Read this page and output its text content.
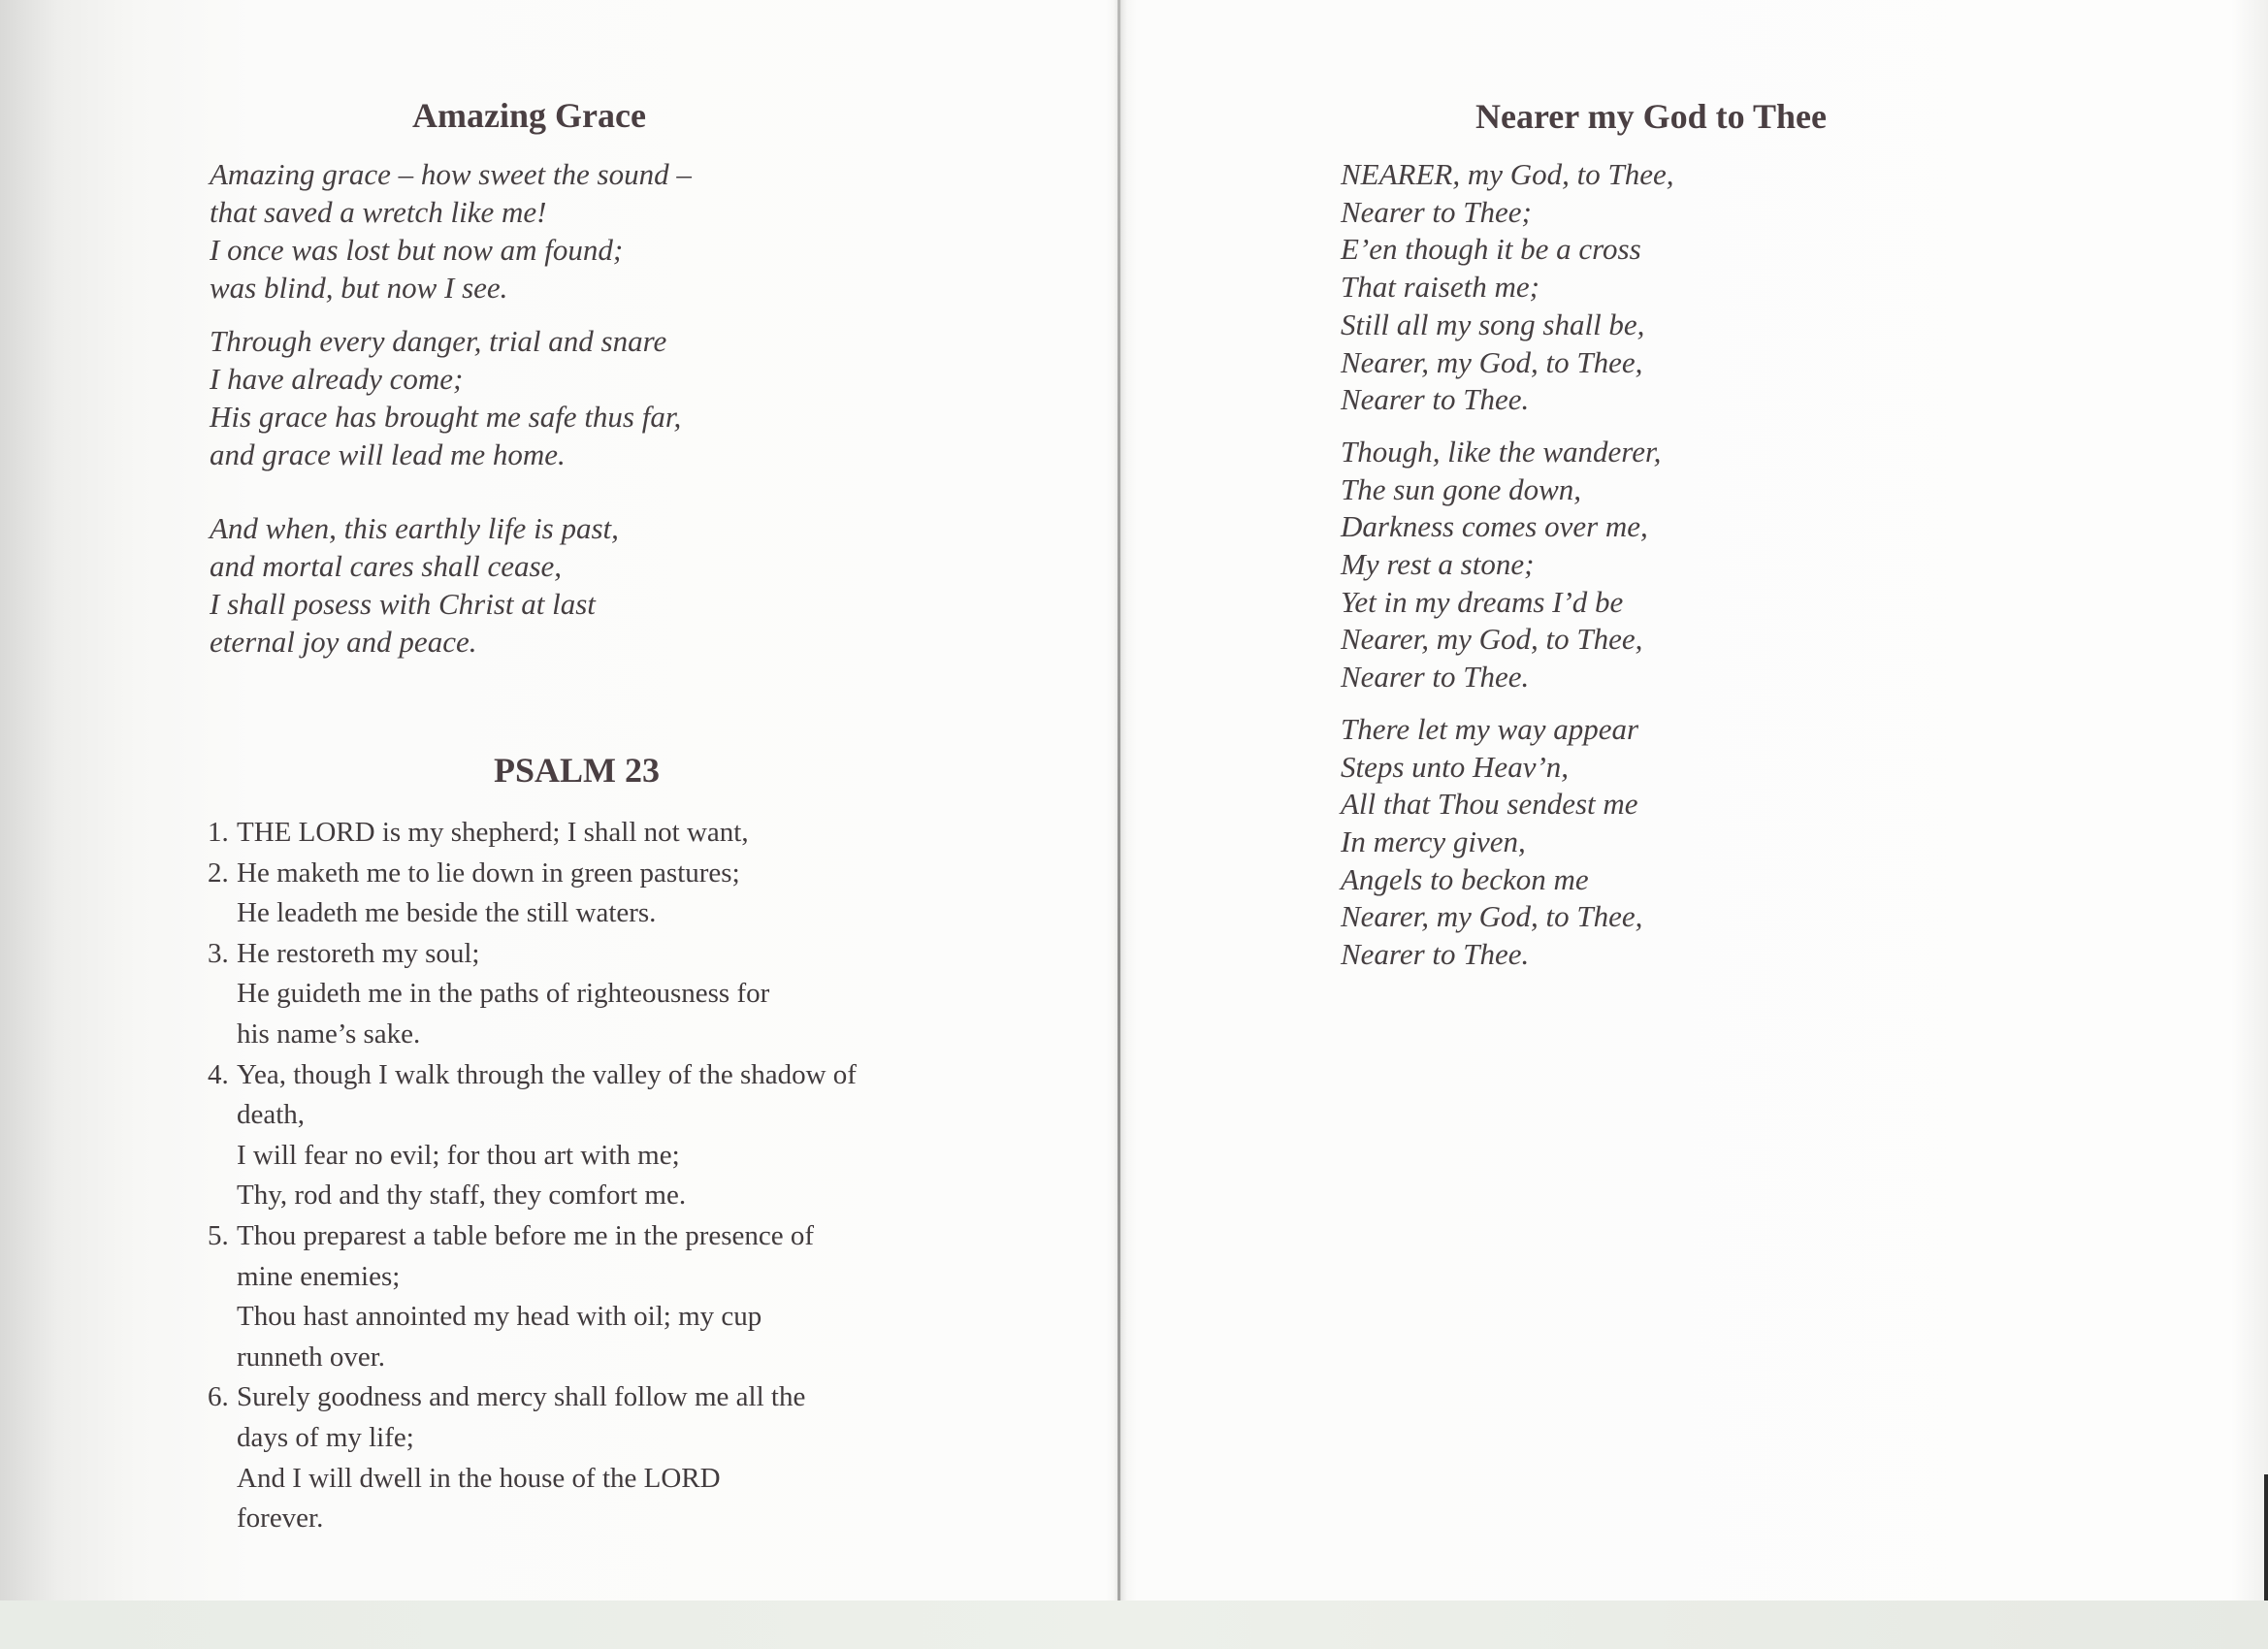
Amazing Grace
Amazing grace – how sweet the sound –
that saved a wretch like me!
I once was lost but now am found;
was blind, but now I see.
Through every danger, trial and snare
I have already come;
His grace has brought me safe thus far,
and grace will lead me home.
And when, this earthly life is past,
and mortal cares shall cease,
I shall posess with Christ at last
eternal joy and peace.
PSALM 23
1. THE LORD is my shepherd; I shall not want,
2. He maketh me to lie down in green pastures;
He leadeth me beside the still waters.
3. He restoreth my soul;
He guideth me in the paths of righteousness for
his name’s sake.
4. Yea, though I walk through the valley of the shadow of
death,
I will fear no evil; for thou art with me;
Thy, rod and thy staff, they comfort me.
5. Thou preparest a table before me in the presence of
mine enemies;
Thou hast annointed my head with oil; my cup
runneth over.
6. Surely goodness and mercy shall follow me all the
days of my life;
And I will dwell in the house of the LORD
forever.
Nearer my God to Thee
NEARER, my God, to Thee,
Nearer to Thee;
E’en though it be a cross
That raiseth me;
Still all my song shall be,
Nearer, my God, to Thee,
Nearer to Thee.
Though, like the wanderer,
The sun gone down,
Darkness comes over me,
My rest a stone;
Yet in my dreams I’d be
Nearer, my God, to Thee,
Nearer to Thee.
There let my way appear
Steps unto Heav’n,
All that Thou sendest me
In mercy given,
Angels to beckon me
Nearer, my God, to Thee,
Nearer to Thee.
